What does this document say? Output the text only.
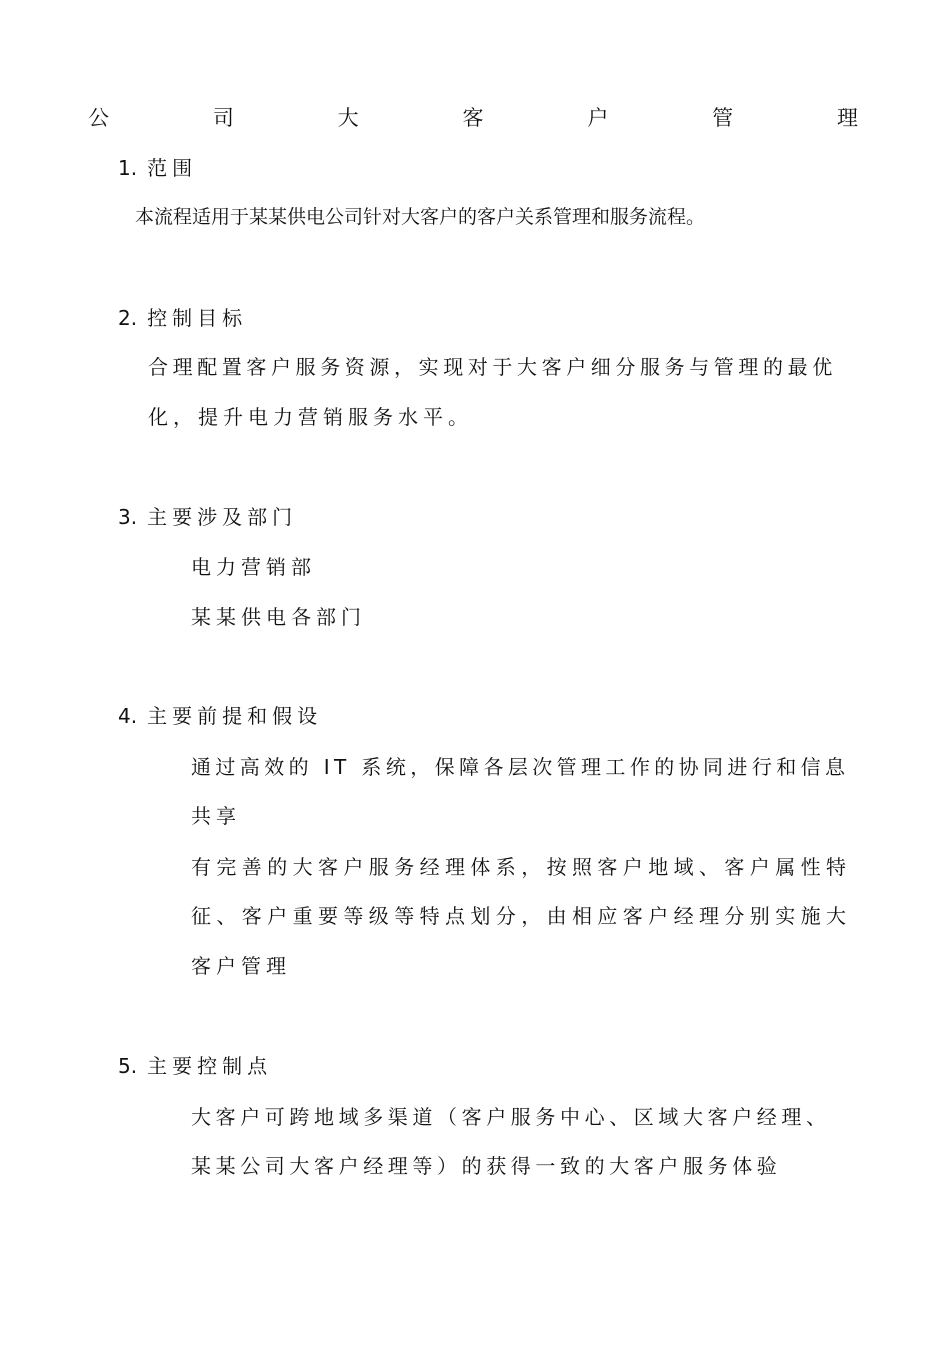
公	司	大	客	户	管	理
1. 范围
本流程适用于某某供电公司针对大客户的客户关系管理和服务流程。
2. 控制目标
合理配置客户服务资源，实现对于大客户细分服务与管理的最优
化，提升电力营销服务水平。
3. 主要涉及部门
电力营销部
某某供电各部门
4. 主要前提和假设
通过高效的 IT 系统，保障各层次管理工作的协同进行和信息
共享
有完善的大客户服务经理体系，按照客户地域、客户属性特
征、客户重要等级等特点划分，由相应客户经理分别实施大
客户管理
5. 主要控制点
大客户可跨地域多渠道（客户服务中心、区域大客户经理、
某某公司大客户经理等）的获得一致的大客户服务体验
